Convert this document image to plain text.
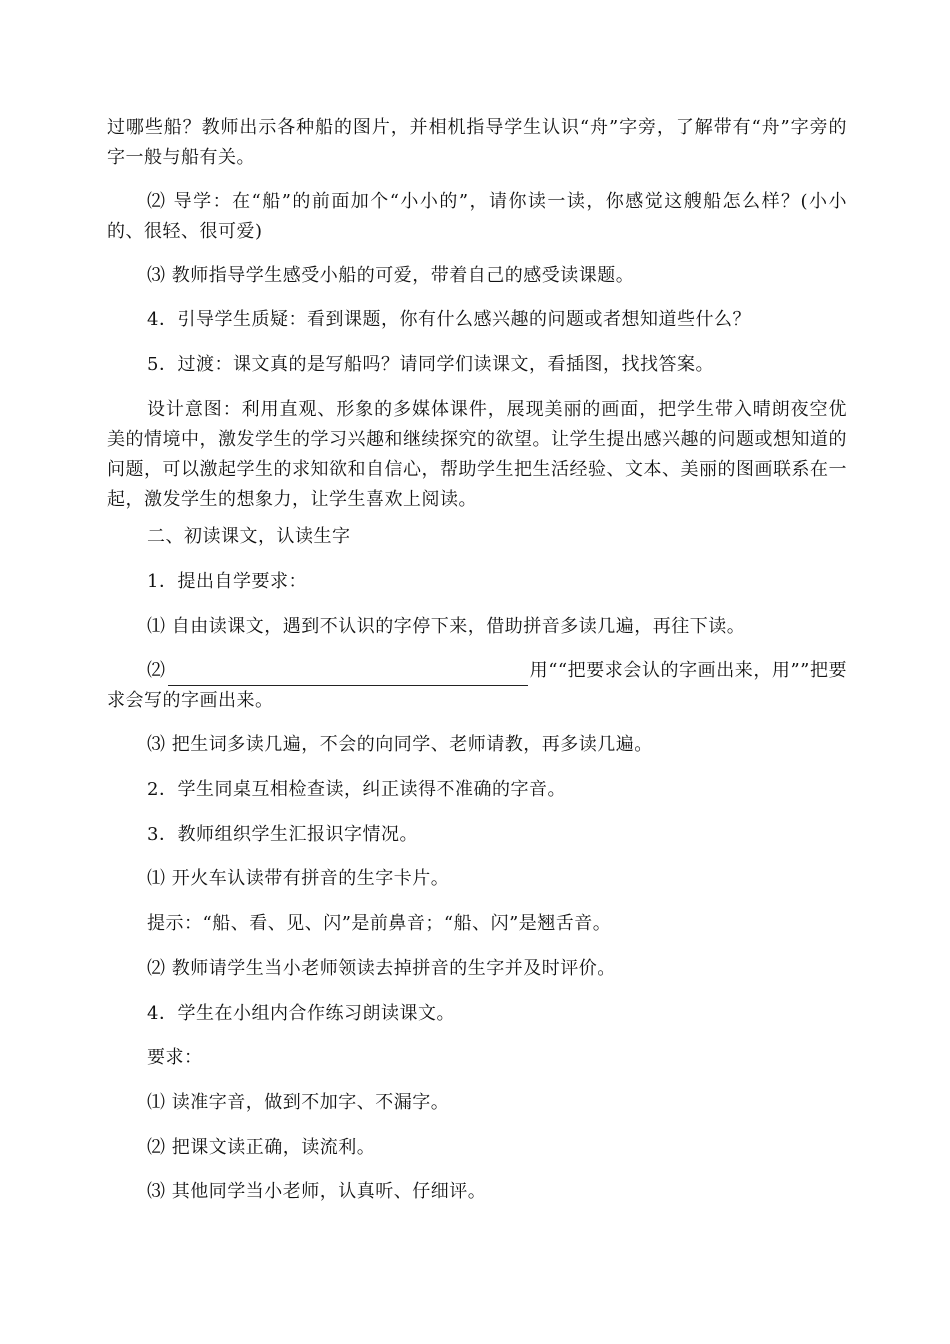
过哪些船？教师出示各种船的图片，并相机指导学生认识“舟”字旁，了解带有“舟”字旁的字一般与船有关。

⑵ 导学：在“船”的前面加个“小小的”，请你读一读，你感觉这艘船怎么样？(小小的、很轻、很可爱)

⑶ 教师指导学生感受小船的可爱，带着自己的感受读课题。

4．引导学生质疑：看到课题，你有什么感兴趣的问题或者想知道些什么？

5．过渡：课文真的是写船吗？请同学们读课文，看插图，找找答案。

设计意图：利用直观、形象的多媒体课件，展现美丽的画面，把学生带入晴朗夜空优美的情境中，激发学生的学习兴趣和继续探究的欲望。让学生提出感兴趣的问题或想知道的问题，可以激起学生的求知欲和自信心，帮助学生把生活经验、文本、美丽的图画联系在一起，激发学生的想象力，让学生喜欢上阅读。

二、初读课文，认读生字

1．提出自学要求：

⑴ 自由读课文，遇到不认识的字停下来，借助拼音多读几遍，再往下读。

⑵	用““把要求会认的字画出来，用””把要求会写的字画出来。

⑶ 把生词多读几遍，不会的向同学、老师请教，再多读几遍。

2．学生同桌互相检查读，纠正读得不准确的字音。

3．教师组织学生汇报识字情况。

⑴ 开火车认读带有拼音的生字卡片。

提示：“船、看、见、闪”是前鼻音；“船、闪”是翘舌音。

⑵ 教师请学生当小老师领读去掉拼音的生字并及时评价。

4．学生在小组内合作练习朗读课文。

要求：

⑴ 读准字音，做到不加字、不漏字。

⑵ 把课文读正确，读流利。

⑶ 其他同学当小老师，认真听、仔细评。
